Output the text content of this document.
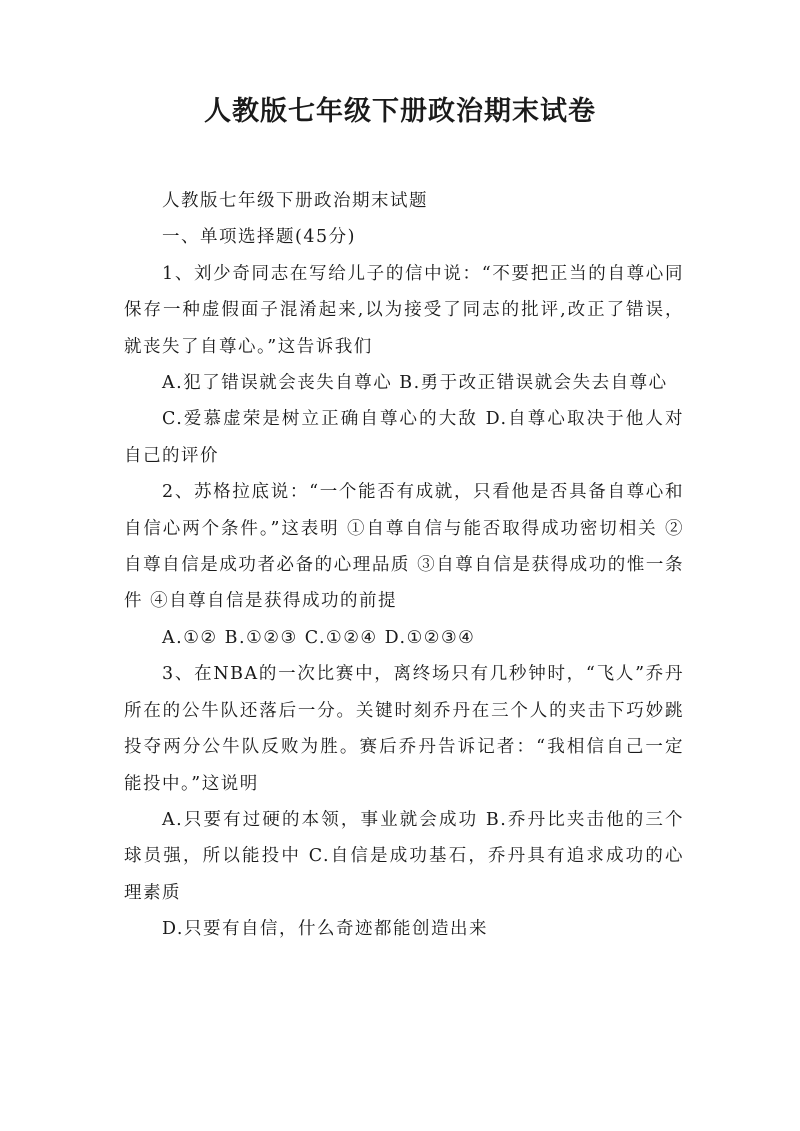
人教版七年级下册政治期末试卷

人教版七年级下册政治期末试题

一、单项选择题(45分)

1、刘少奇同志在写给儿子的信中说：“不要把正当的自尊心同保存一种虚假面子混淆起来,以为接受了同志的批评,改正了错误，就丧失了自尊心。”这告诉我们

A.犯了错误就会丧失自尊心 B.勇于改正错误就会失去自尊心

C.爱慕虚荣是树立正确自尊心的大敌 D.自尊心取决于他人对自己的评价

2、苏格拉底说：“一个能否有成就，只看他是否具备自尊心和自信心两个条件。”这表明 ①自尊自信与能否取得成功密切相关 ②自尊自信是成功者必备的心理品质 ③自尊自信是获得成功的惟一条件 ④自尊自信是获得成功的前提

A.①② B.①②③ C.①②④ D.①②③④

3、在NBA的一次比赛中，离终场只有几秒钟时，“飞人”乔丹所在的公牛队还落后一分。关键时刻乔丹在三个人的夹击下巧妙跳投夺两分公牛队反败为胜。赛后乔丹告诉记者：“我相信自己一定能投中。”这说明

A.只要有过硬的本领，事业就会成功 B.乔丹比夹击他的三个球员强，所以能投中 C.自信是成功基石，乔丹具有追求成功的心理素质

D.只要有自信，什么奇迹都能创造出来
